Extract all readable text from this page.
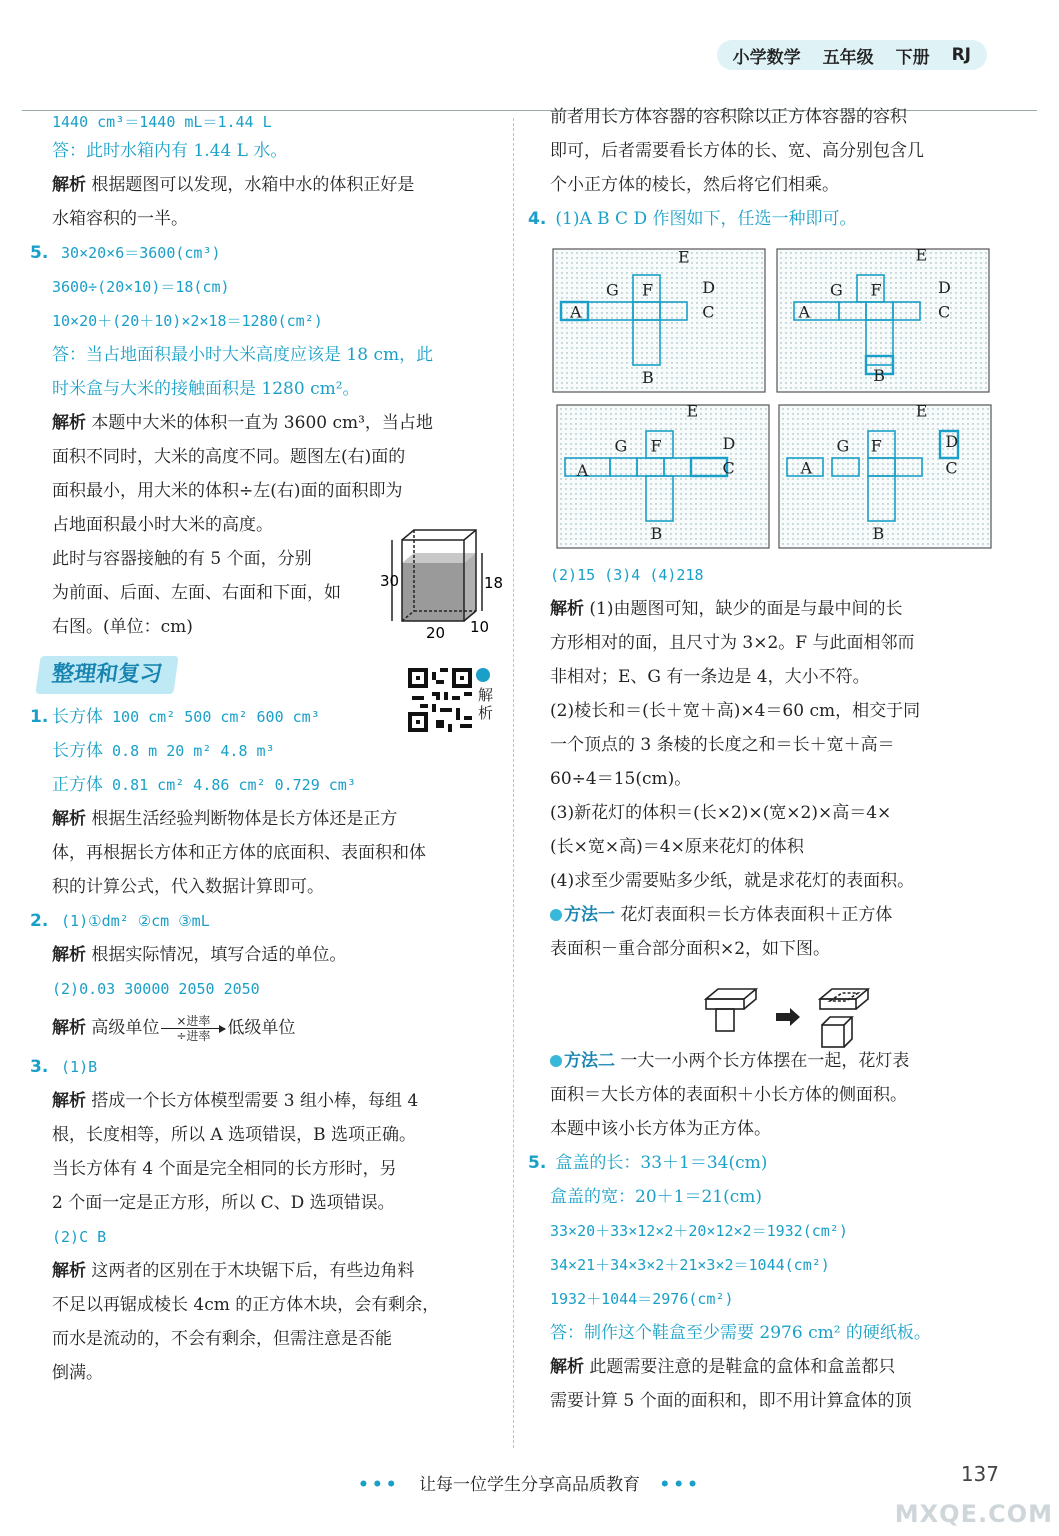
小学数学 五年级 下册 RJ
1440 cm³＝1440 mL＝1.44 L
答：此时水箱内有 1.44 L 水。
解析 根据题图可以发现，水箱中水的体积正好是
水箱容积的一半。
5. 30×20×6＝3600(cm³)
3600÷(20×10)＝18(cm)
10×20＋(20＋10)×2×18＝1280(cm²)
答：当占地面积最小时大米高度应该是 18 cm，此
时米盒与大米的接触面积是 1280 cm²。
解析 本题中大米的体积一直为 3600 cm³，当占地
面积不同时，大米的高度不同。题图左(右)面的
面积最小，用大米的体积÷左(右)面的面积即为
占地面积最小时大米的高度。
此时与容器接触的有 5 个面，分别
为前面、后面、左面、右面和下面，如
右图。(单位：cm)
整理和复习
1. 长方体 100 cm² 500 cm² 600 cm³
长方体 0.8 m 20 m² 4.8 m³
正方体 0.81 cm² 4.86 cm² 0.729 cm³
解析 根据生活经验判断物体是长方体还是正方
体，再根据长方体和正方体的底面积、表面积和体
积的计算公式，代入数据计算即可。
2. (1)①dm² ②cm ③mL
解析 根据实际情况，填写合适的单位。
(2)0.03 30000 2050 2050
解析 高级单位 $\frac{\text{×进率}}{\text{÷进率}}$ 低级单位
3. (1)B
解析 搭成一个长方体模型需要 3 组小棒，每组 4
根，长度相等，所以 A 选项错误，B 选项正确。
当长方体有 4 个面是完全相同的长方形时，另
2 个面一定是正方形，所以 C、D 选项错误。
(2)C B
解析 这两者的区别在于木块锯下后，有些边角料
不足以再锯成棱长 4cm 的正方体木块，会有剩余，
而水是流动的，不会有剩余，但需注意是否能
倒满。
30	18
20 10
解析
前者用长方体容器的容积除以正方体容器的容积
即可，后者需要看长方体的长、宽、高分别包含几
个小正方体的棱长，然后将它们相乘。
4. (1)A B C D 作图如下，任选一种即可。
(2)15 (3)4 (4)218
解析 (1)由题图可知，缺少的面是与最中间的长
方形相对的面，且尺寸为 3×2。F 与此面相邻而
非相对；E、G 有一条边是 4，大小不符。
(2)棱长和＝(长＋宽＋高)×4＝60 cm，相交于同
一个顶点的 3 条棱的长度之和＝长＋宽＋高＝
60÷4＝15(cm)。
(3)新花灯的体积＝(长×2)×(宽×2)×高＝4×
(长×宽×高)＝4×原来花灯的体积
(4)求至少需要贴多少纸，就是求花灯的表面积。
方法一 花灯表面积＝长方体表面积＋正方体
表面积－重合部分面积×2，如下图。
方法二 一大一小两个长方体摆在一起，花灯表
面积＝大长方体的表面积＋小长方体的侧面积。
本题中该小长方体为正方体。
5. 盒盖的长：33＋1＝34(cm)
盒盖的宽：20＋1＝21(cm)
33×20＋33×12×2＋20×12×2＝1932(cm²)
34×21＋34×3×2＋21×3×2＝1044(cm²)
1932＋1044＝2976(cm²)
答：制作这个鞋盒至少需要 2976 cm² 的硬纸板。
解析 此题需要注意的是鞋盒的盒体和盒盖都只
需要计算 5 个面的面积和，即不用计算盒体的顶
E
G F	D
A	C
B
E
G F	D
A	C
B
E
G F	D
A	C
B
E
G F	D
A	C
B
••• 让每一位学生分享高品质教育 •••	137
MXQE.COM
